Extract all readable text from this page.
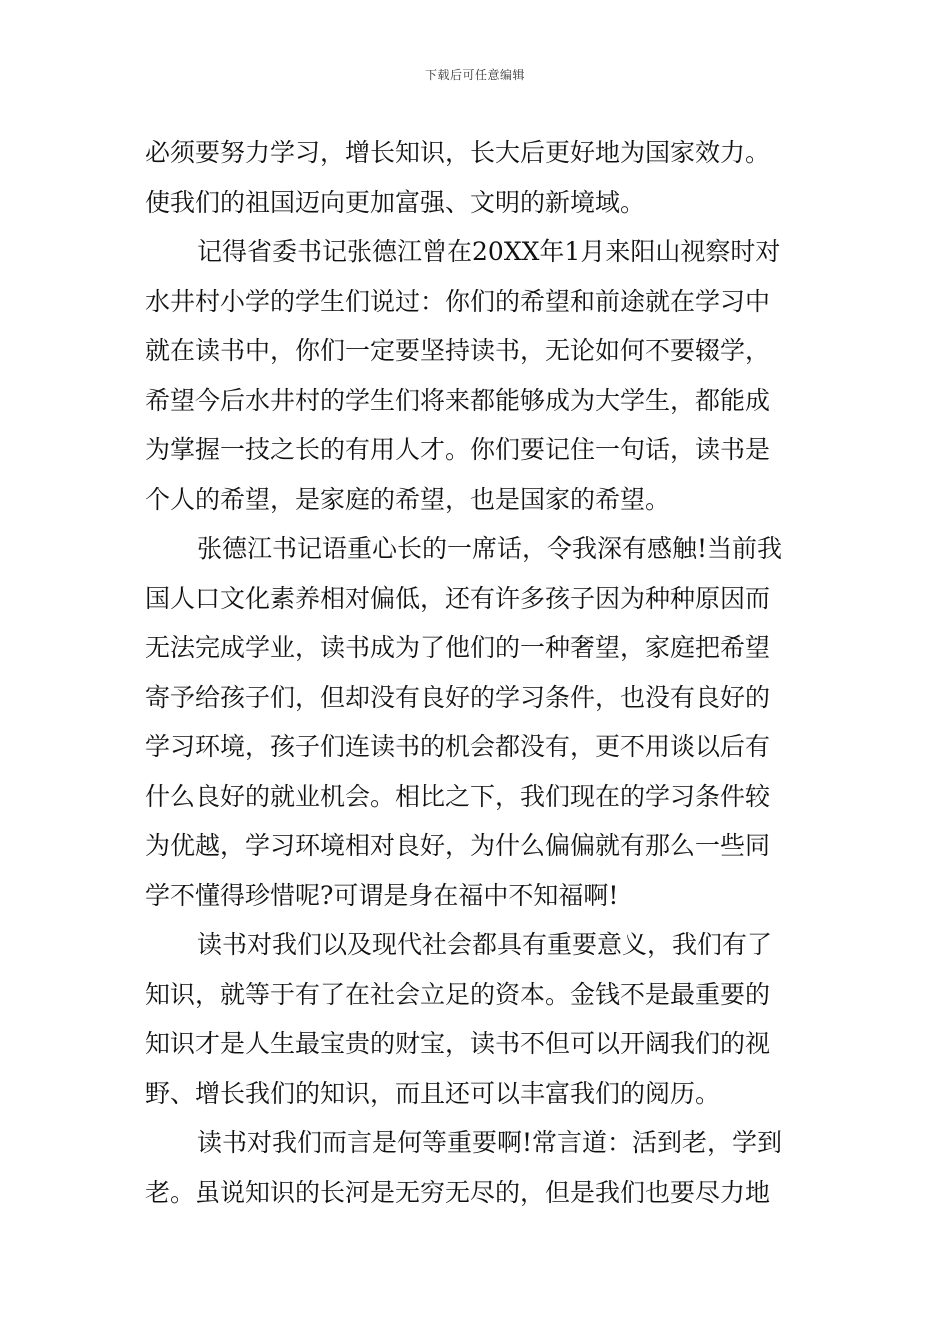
下载后可任意编辑
必须要努力学习，增长知识，长大后更好地为国家效力。
使我们的祖国迈向更加富强、文明的新境域。
记得省委书记张德江曾在20XX年1月来阳山视察时对
水井村小学的学生们说过：你们的希望和前途就在学习中
就在读书中，你们一定要坚持读书，无论如何不要辍学，
希望今后水井村的学生们将来都能够成为大学生，都能成
为掌握一技之长的有用人才。你们要记住一句话，读书是
个人的希望，是家庭的希望，也是国家的希望。
张德江书记语重心长的一席话，令我深有感触!当前我
国人口文化素养相对偏低，还有许多孩子因为种种原因而
无法完成学业，读书成为了他们的一种奢望，家庭把希望
寄予给孩子们，但却没有良好的学习条件，也没有良好的
学习环境，孩子们连读书的机会都没有，更不用谈以后有
什么良好的就业机会。相比之下，我们现在的学习条件较
为优越，学习环境相对良好，为什么偏偏就有那么一些同
学不懂得珍惜呢?可谓是身在福中不知福啊!
读书对我们以及现代社会都具有重要意义，我们有了
知识，就等于有了在社会立足的资本。金钱不是最重要的
知识才是人生最宝贵的财宝，读书不但可以开阔我们的视
野、增长我们的知识，而且还可以丰富我们的阅历。
读书对我们而言是何等重要啊!常言道：活到老，学到
老。虽说知识的长河是无穷无尽的，但是我们也要尽力地
